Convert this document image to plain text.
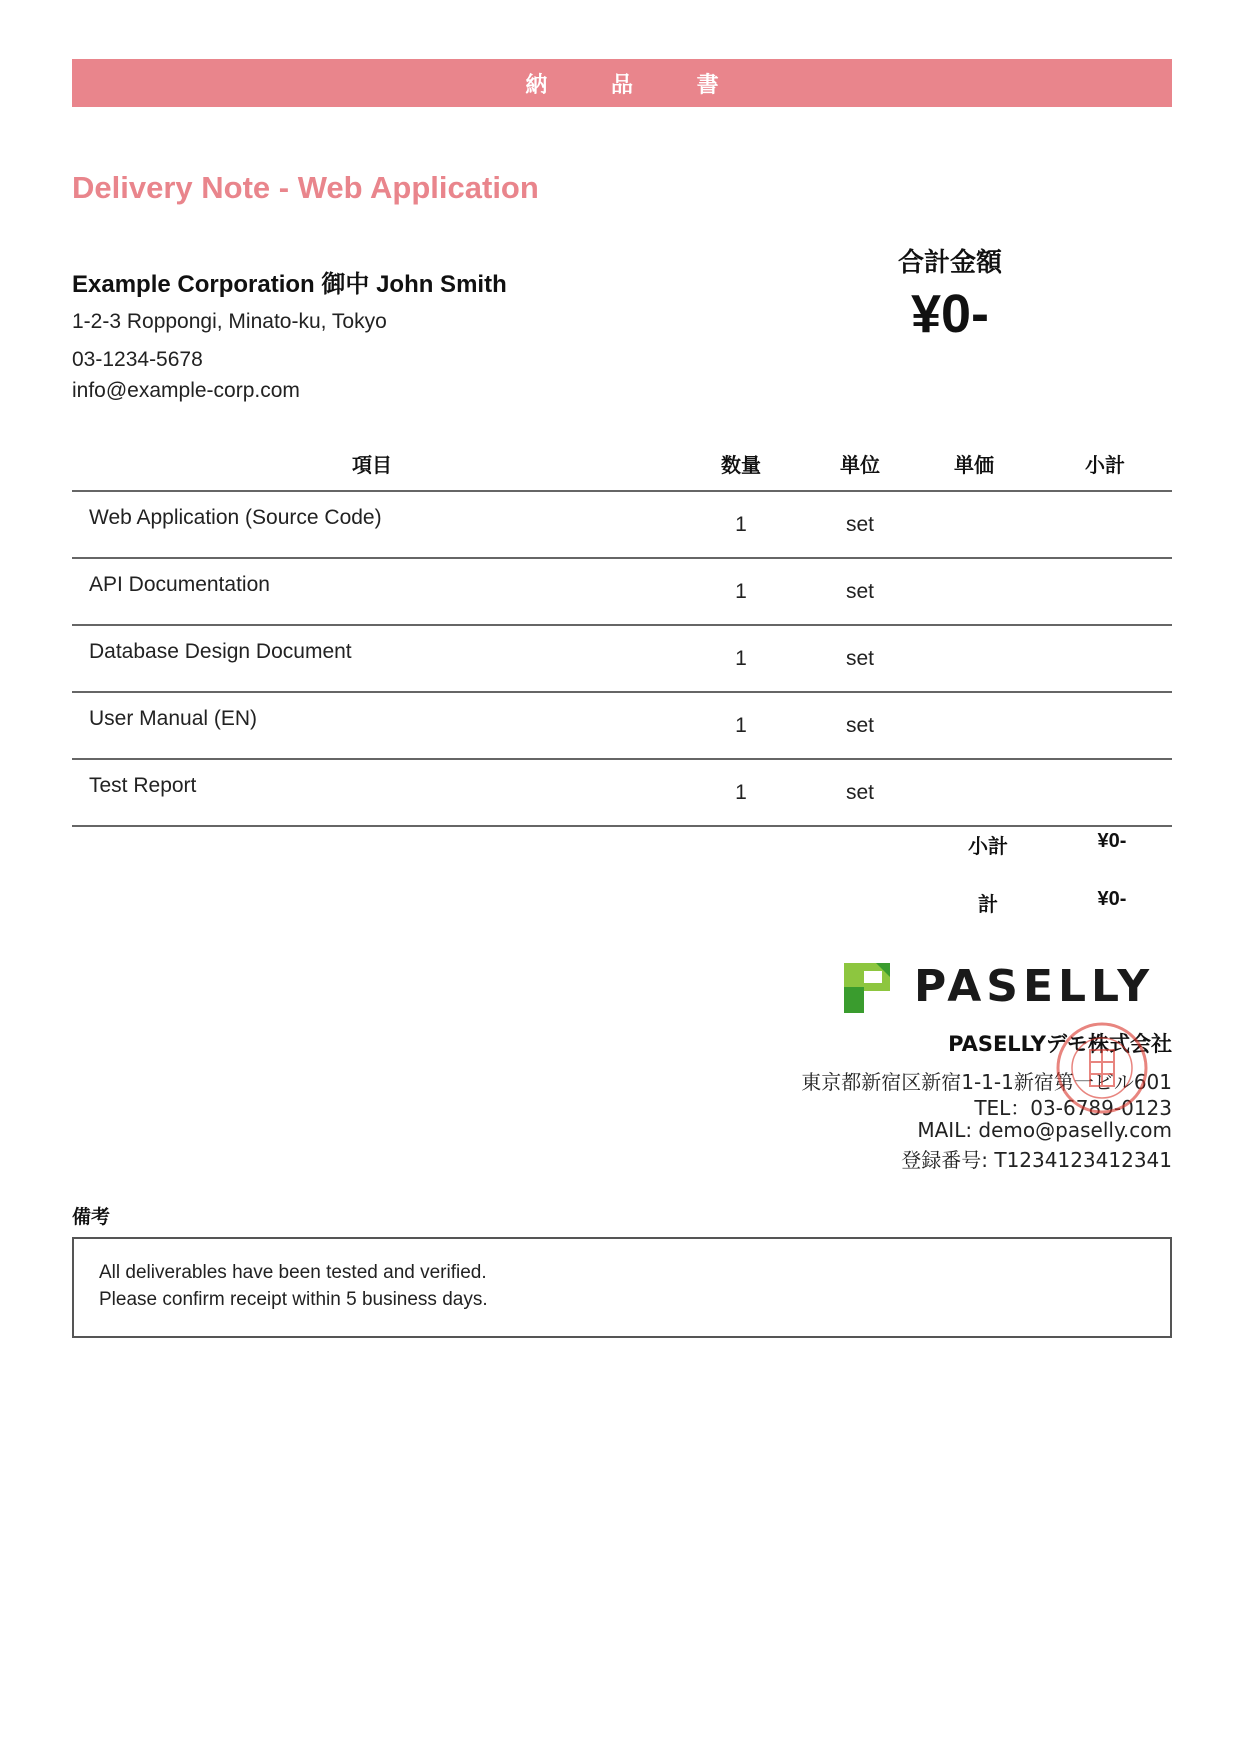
納 品 書
Delivery Note - Web Application
Example Corporation 御中 John Smith
1-2-3 Roppongi, Minato-ku, Tokyo
03-1234-5678
info@example-corp.com
合計金額
¥0-
項目	数量	単位	単価	小計
Web Application (Source Code)	1	set		
API Documentation	1	set		
Database Design Document	1	set		
User Manual (EN)	1	set		
Test Report	1	set		
小計	¥0-
計	¥0-
PASELLY
PASELLYデモ株式会社
東京都新宿区新宿1-1-1新宿第一ビル601
TEL：03-6789-0123
MAIL: demo@paselly.com
登録番号: T1234123412341
備考
All deliverables have been tested and verified.
Please confirm receipt within 5 business days.
